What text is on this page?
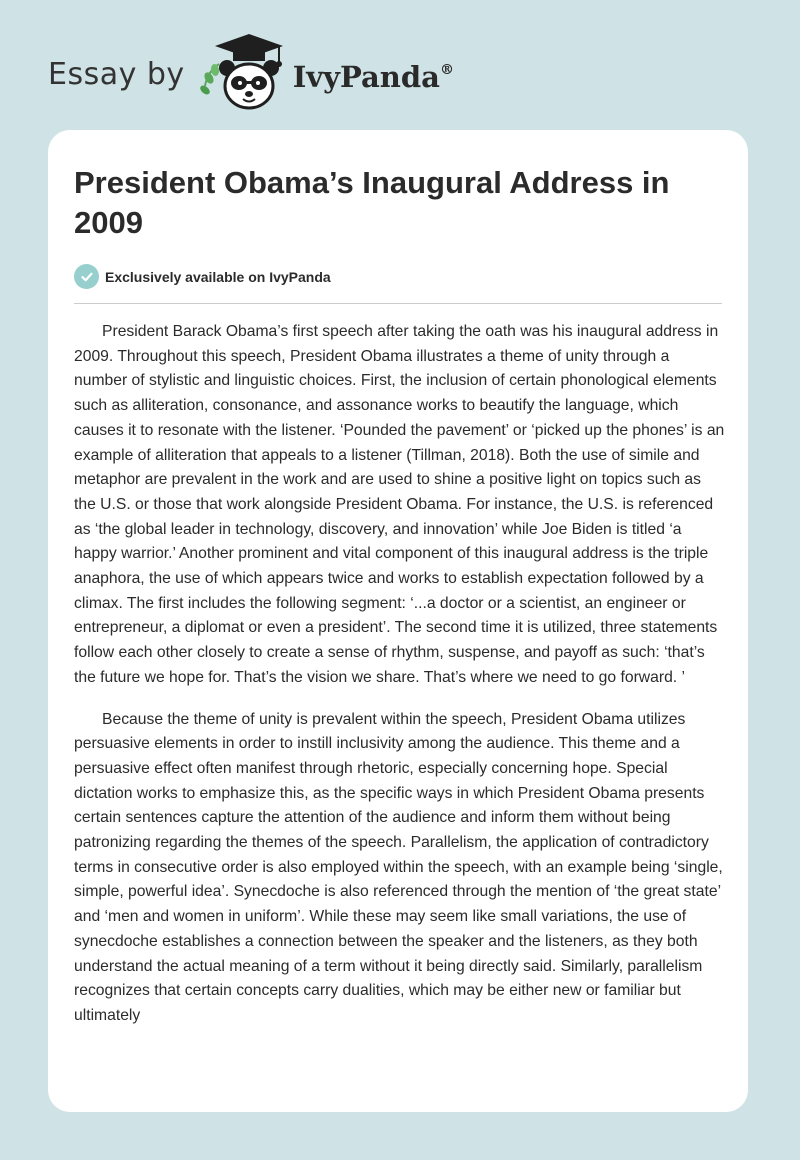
Essay by	IvyPanda®
President Obama’s Inaugural Address in 2009
Exclusively available on IvyPanda

President Barack Obama’s first speech after taking the oath was his inaugural address in 2009. Throughout this speech, President Obama illustrates a theme of unity through a number of stylistic and linguistic choices. First, the inclusion of certain phonological elements such as alliteration, consonance, and assonance works to beautify the language, which causes it to resonate with the listener. ‘Pounded the pavement’ or ‘picked up the phones’ is an example of alliteration that appeals to a listener (Tillman, 2018). Both the use of simile and metaphor are prevalent in the work and are used to shine a positive light on topics such as the U.S. or those that work alongside President Obama. For instance, the U.S. is referenced as ‘the global leader in technology, discovery, and innovation’ while Joe Biden is titled ‘a happy warrior.’ Another prominent and vital component of this inaugural address is the triple anaphora, the use of which appears twice and works to establish expectation followed by a climax. The first includes the following segment: ‘...a doctor or a scientist, an engineer or entrepreneur, a diplomat or even a president’. The second time it is utilized, three statements follow each other closely to create a sense of rhythm, suspense, and payoff as such: ‘that’s the future we hope for. That’s the vision we share. That’s where we need to go forward. ’

Because the theme of unity is prevalent within the speech, President Obama utilizes persuasive elements in order to instill inclusivity among the audience. This theme and a persuasive effect often manifest through rhetoric, especially concerning hope. Special dictation works to emphasize this, as the specific ways in which President Obama presents certain sentences capture the attention of the audience and inform them without being patronizing regarding the themes of the speech. Parallelism, the application of contradictory terms in consecutive order is also employed within the speech, with an example being ‘single, simple, powerful idea’. Synecdoche is also referenced through the mention of ‘the great state’ and ‘men and women in uniform’. While these may seem like small variations, the use of synecdoche establishes a connection between the speaker and the listeners, as they both understand the actual meaning of a term without it being directly said. Similarly, parallelism recognizes that certain concepts carry dualities, which may be either new or familiar but ultimately
